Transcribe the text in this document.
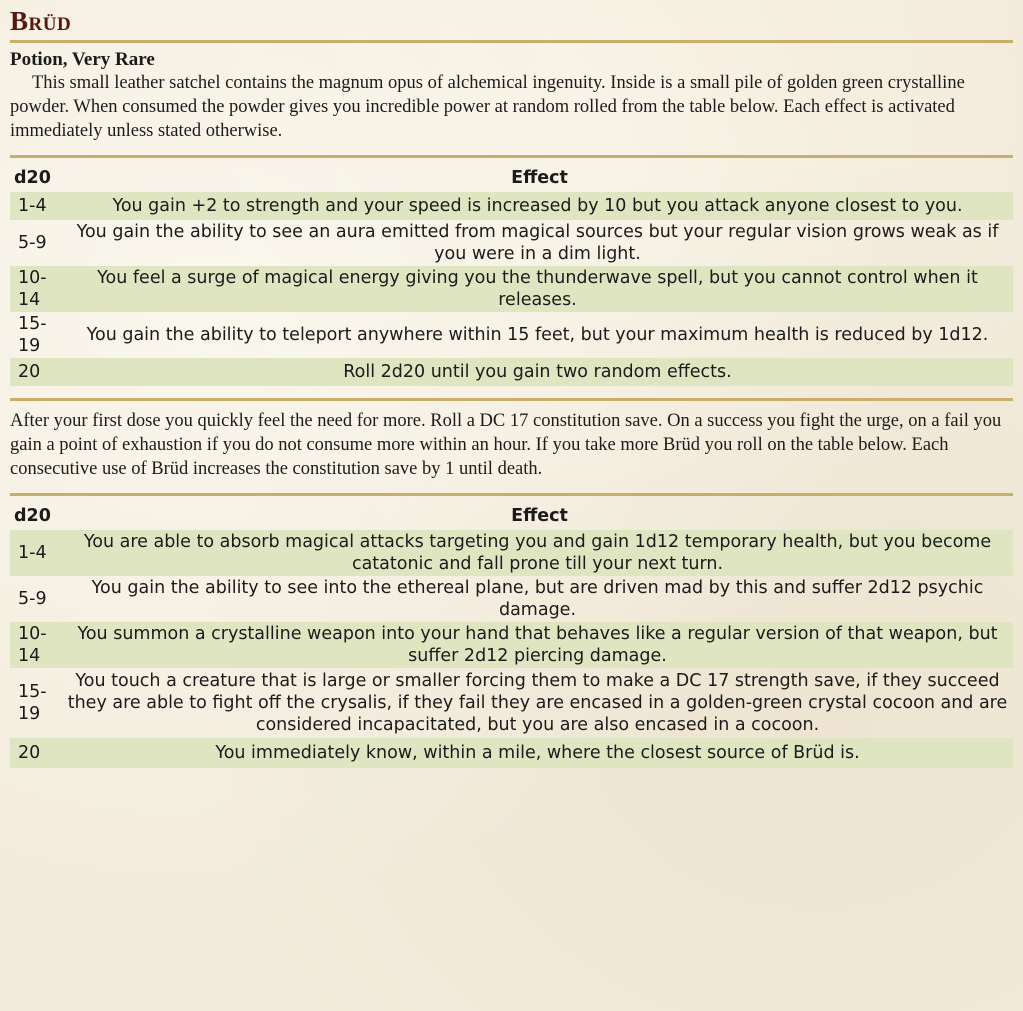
Brüd

Potion, Very Rare

This small leather satchel contains the magnum opus of alchemical ingenuity. Inside is a small pile of golden green crystalline powder. When consumed the powder gives you incredible power at random rolled from the table below. Each effect is activated immediately unless stated otherwise.

d20	Effect
1-4	You gain +2 to strength and your speed is increased by 10 but you attack anyone closest to you.
5-9	You gain the ability to see an aura emitted from magical sources but your regular vision grows weak as if you were in a dim light.
10-14	You feel a surge of magical energy giving you the thunderwave spell, but you cannot control when it releases.
15-19	You gain the ability to teleport anywhere within 15 feet, but your maximum health is reduced by 1d12.
20	Roll 2d20 until you gain two random effects.

After your first dose you quickly feel the need for more. Roll a DC 17 constitution save. On a success you fight the urge, on a fail you gain a point of exhaustion if you do not consume more within an hour. If you take more Brüd you roll on the table below. Each consecutive use of Brüd increases the constitution save by 1 until death.

d20	Effect
1-4	You are able to absorb magical attacks targeting you and gain 1d12 temporary health, but you become catatonic and fall prone till your next turn.
5-9	You gain the ability to see into the ethereal plane, but are driven mad by this and suffer 2d12 psychic damage.
10-14	You summon a crystalline weapon into your hand that behaves like a regular version of that weapon, but suffer 2d12 piercing damage.
15-19	You touch a creature that is large or smaller forcing them to make a DC 17 strength save, if they succeed they are able to fight off the crysalis, if they fail they are encased in a golden-green crystal cocoon and are considered incapacitated, but you are also encased in a cocoon.
20	You immediately know, within a mile, where the closest source of Brüd is.
